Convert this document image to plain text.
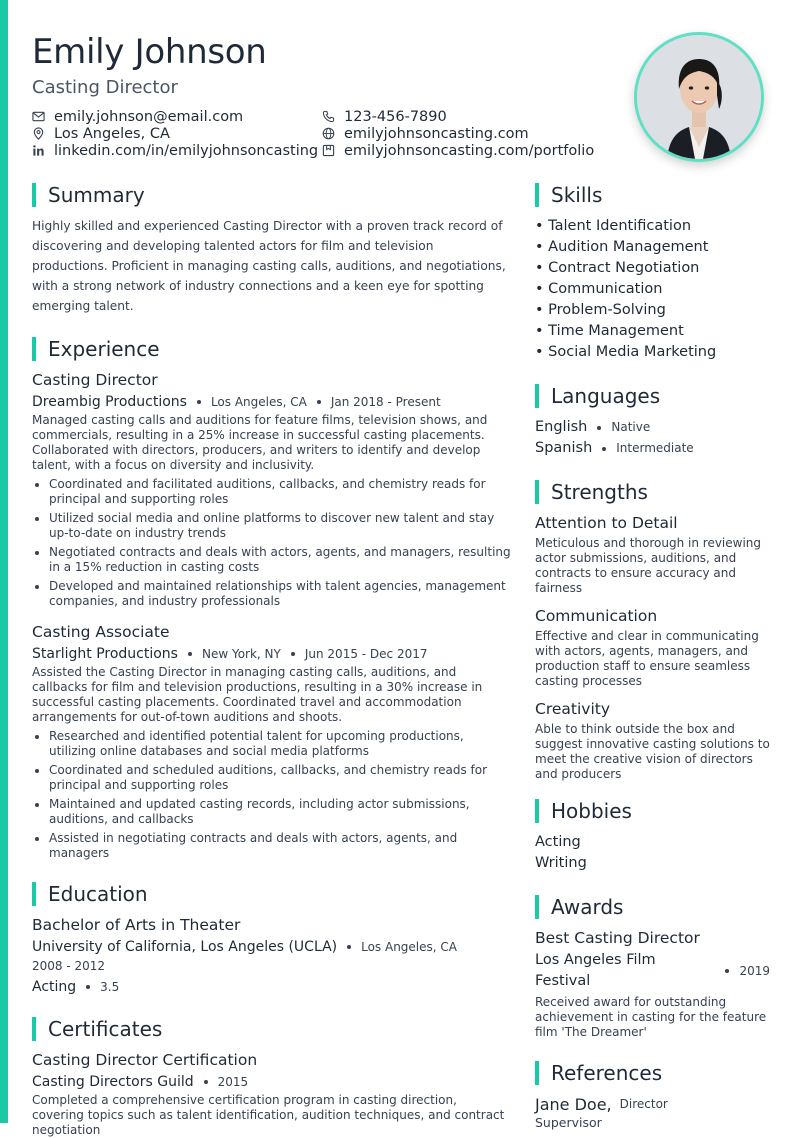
Emily Johnson
Casting Director
emily.johnson@email.com	123-456-7890
Los Angeles, CA	emilyjohnsoncasting.com
linkedin.com/in/emilyjohnsoncasting emilyjohnsoncasting.com/portfolio
Summary
Highly skilled and experienced Casting Director with a proven track record of discovering and developing talented actors for film and television productions. Proficient in managing casting calls, auditions, and negotiations, with a strong network of industry connections and a keen eye for spotting emerging talent.
Experience
Casting Director
Dreambig Productions Los Angeles, CA Jan 2018 - Present
Managed casting calls and auditions for feature films, television shows, and commercials, resulting in a 25% increase in successful casting placements. Collaborated with directors, producers, and writers to identify and develop talent, with a focus on diversity and inclusivity.
Coordinated and facilitated auditions, callbacks, and chemistry reads for principal and supporting roles
Utilized social media and online platforms to discover new talent and stay up-to-date on industry trends
Negotiated contracts and deals with actors, agents, and managers, resulting in a 15% reduction in casting costs
Developed and maintained relationships with talent agencies, management companies, and industry professionals
Casting Associate
Starlight Productions New York, NY Jun 2015 - Dec 2017
Assisted the Casting Director in managing casting calls, auditions, and callbacks for film and television productions, resulting in a 30% increase in successful casting placements. Coordinated travel and accommodation arrangements for out-of-town auditions and shoots.
Researched and identified potential talent for upcoming productions, utilizing online databases and social media platforms
Coordinated and scheduled auditions, callbacks, and chemistry reads for principal and supporting roles
Maintained and updated casting records, including actor submissions, auditions, and callbacks
Assisted in negotiating contracts and deals with actors, agents, and managers
Education
Bachelor of Arts in Theater
University of California, Los Angeles (UCLA) Los Angeles, CA
2008 - 2012
Acting 3.5
Certificates
Casting Director Certification
Casting Directors Guild 2015
Completed a comprehensive certification program in casting direction, covering topics such as talent identification, audition techniques, and contract negotiation
Skills
• Talent Identification
• Audition Management
• Contract Negotiation
• Communication
• Problem-Solving
• Time Management
• Social Media Marketing
Languages
English Native
Spanish Intermediate
Strengths
Attention to Detail
Meticulous and thorough in reviewing actor submissions, auditions, and contracts to ensure accuracy and fairness
Communication
Effective and clear in communicating with actors, agents, managers, and production staff to ensure seamless casting processes
Creativity
Able to think outside the box and suggest innovative casting solutions to meet the creative vision of directors and producers
Hobbies
Acting
Writing
Awards
Best Casting Director
Los Angeles Film Festival
2019
Received award for outstanding achievement in casting for the feature film 'The Dreamer'
References
Jane Doe, Director
Supervisor
